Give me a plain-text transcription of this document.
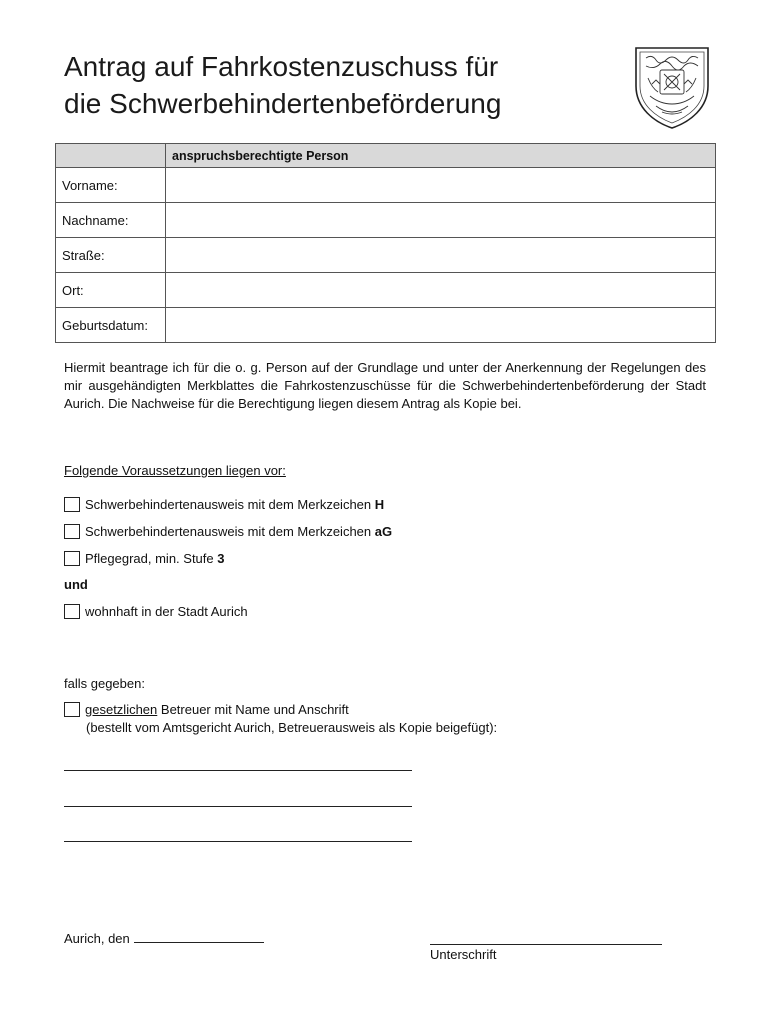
Antrag auf Fahrkostenzuschuss für
die Schwerbehindertenbeförderung
	anspruchsberechtigte Person
Vorname:	
Nachname:	
Straße:	
Ort:	
Geburtsdatum:	

Hiermit beantrage ich für die o. g. Person auf der Grundlage und unter der Anerkennung der Regelungen des mir ausgehändigten Merkblattes die Fahrkostenzuschüsse für die Schwerbehindertenbeförderung der Stadt Aurich. Die Nachweise für die Berechtigung liegen diesem Antrag als Kopie bei.

Folgende Voraussetzungen liegen vor:
Schwerbehindertenausweis mit dem Merkzeichen H
Schwerbehindertenausweis mit dem Merkzeichen aG
Pflegegrad, min. Stufe 3
und
wohnhaft in der Stadt Aurich
falls gegeben:
gesetzlichen Betreuer mit Name und Anschrift
(bestellt vom Amtsgericht Aurich, Betreuerausweis als Kopie beigefügt):
Aurich, den
Unterschrift
